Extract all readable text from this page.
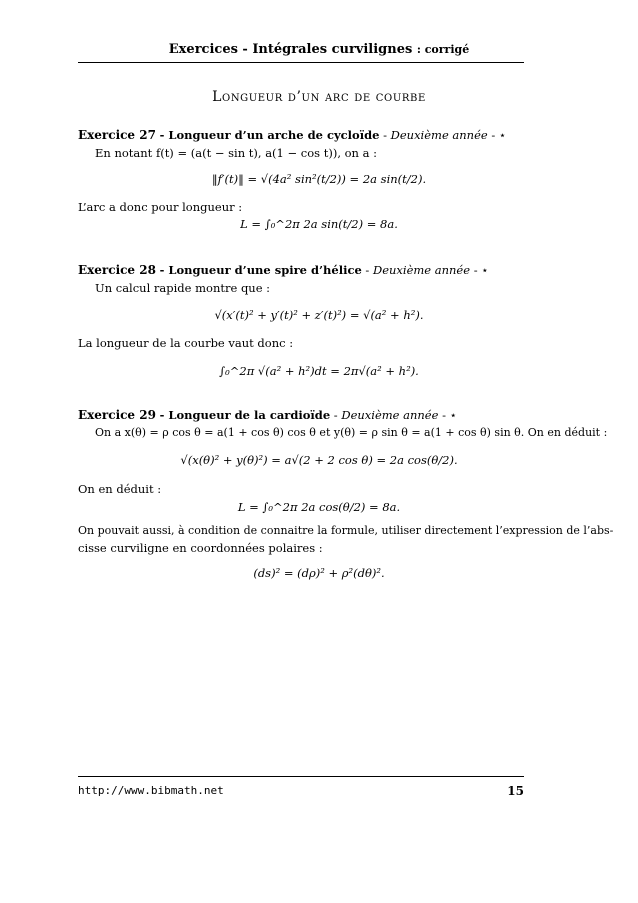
Exercices - Intégrales curvilignes : corrigé
Longueur d’un arc de courbe
Exercice 27 - Longueur d’un arche de cycloïde - Deuxième année - ⋆
En notant f(t) = (a(t − sin t), a(1 − cos t)), on a :
‖f′(t)‖ = √(4a² sin²(t/2)) = 2a sin(t/2).
L’arc a donc pour longueur :
L = ∫₀^2π 2a sin(t/2) = 8a.
Exercice 28 - Longueur d’une spire d’hélice - Deuxième année - ⋆
Un calcul rapide montre que :
√(x′(t)² + y′(t)² + z′(t)²) = √(a² + h²).
La longueur de la courbe vaut donc :
∫₀^2π √(a² + h²)dt = 2π√(a² + h²).
Exercice 29 - Longueur de la cardioïde - Deuxième année - ⋆
On a x(θ) = ρ cos θ = a(1 + cos θ) cos θ et y(θ) = ρ sin θ = a(1 + cos θ) sin θ. On en déduit :
√(x(θ)² + y(θ)²) = a√(2 + 2 cos θ) = 2a cos(θ/2).
On en déduit :
L = ∫₀^2π 2a cos(θ/2) = 8a.
On pouvait aussi, à condition de connaitre la formule, utiliser directement l’expression de l’abs-
cisse curviligne en coordonnées polaires :
(ds)² = (dρ)² + ρ²(dθ)².
http://www.bibmath.net	15
